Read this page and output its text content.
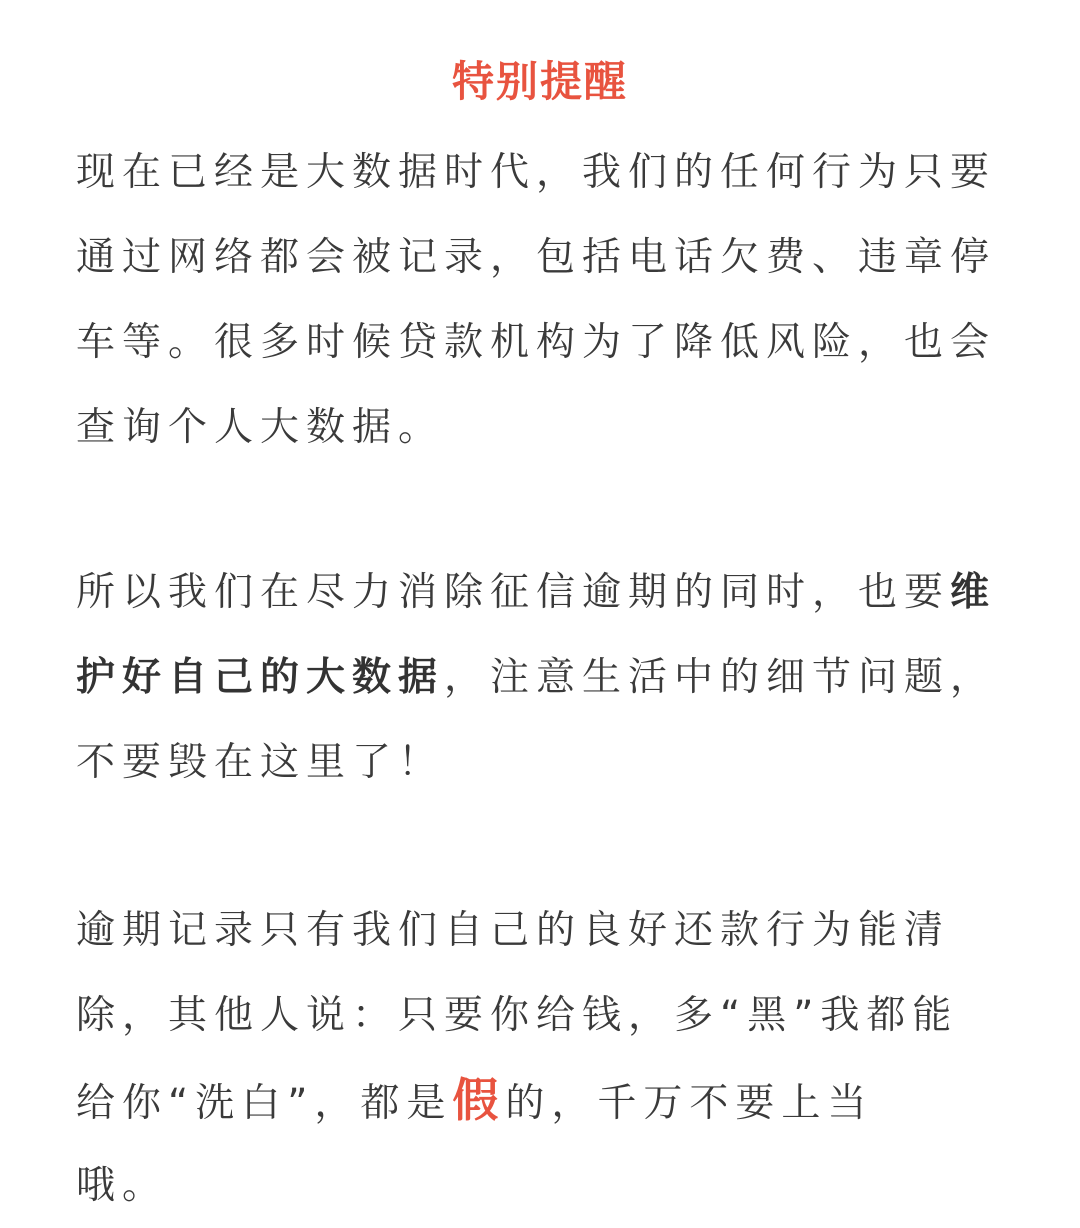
特别提醒
现在已经是大数据时代，我们的任何行为只要
通过网络都会被记录，包括电话欠费、违章停
车等。很多时候贷款机构为了降低风险，也会
查询个人大数据。
所以我们在尽力消除征信逾期的同时，也要维
护好自己的大数据，注意生活中的细节问题，
不要毁在这里了！
逾期记录只有我们自己的良好还款行为能清
除，其他人说：只要你给钱，多“黑”我都能
给你“洗白”，都是假的，千万不要上当
哦。
